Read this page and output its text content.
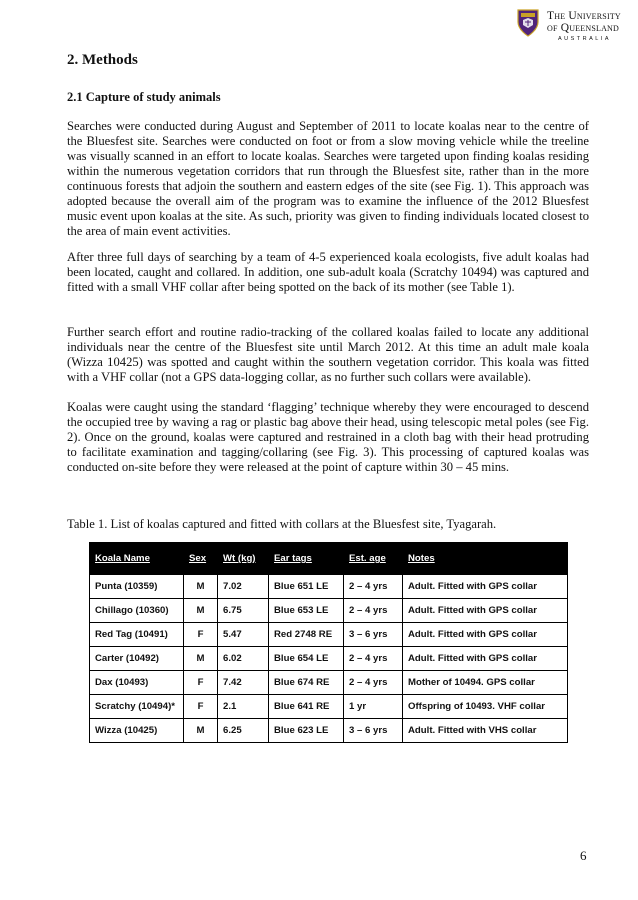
The University
of Queensland
AUSTRALIA
2. Methods
2.1 Capture of study animals

Searches were conducted during August and September of 2011 to locate koalas near to the centre of the Bluesfest site. Searches were conducted on foot or from a slow moving vehicle while the treeline was visually scanned in an effort to locate koalas. Searches were targeted upon finding koalas residing within the numerous vegetation corridors that run through the Bluesfest site, rather than in the more continuous forests that adjoin the southern and eastern edges of the site (see Fig. 1). This approach was adopted because the overall aim of the program was to examine the influence of the 2012 Bluesfest music event upon koalas at the site. As such, priority was given to finding individuals located closest to the area of main event activities.

After three full days of searching by a team of 4-5 experienced koala ecologists, five adult koalas had been located, caught and collared. In addition, one sub-adult koala (Scratchy 10494) was captured and fitted with a small VHF collar after being spotted on the back of its mother (see Table 1).

Further search effort and routine radio-tracking of the collared koalas failed to locate any additional individuals near the centre of the Bluesfest site until March 2012. At this time an adult male koala (Wizza 10425) was spotted and caught within the southern vegetation corridor. This koala was fitted with a VHF collar (not a GPS data-logging collar, as no further such collars were available).

Koalas were caught using the standard ‘flagging’ technique whereby they were encouraged to descend the occupied tree by waving a rag or plastic bag above their head, using telescopic metal poles (see Fig. 2). Once on the ground, koalas were captured and restrained in a cloth bag with their head protruding to facilitate examination and tagging/collaring (see Fig. 3). This processing of captured koalas was conducted on-site before they were released at the point of capture within 30 – 45 mins.

Table 1. List of koalas captured and fitted with collars at the Bluesfest site, Tyagarah.

Koala Name	Sex	Wt (kg)	Ear tags	Est. age	Notes
Punta (10359)	M	7.02	Blue 651 LE	2 – 4 yrs	Adult. Fitted with GPS collar
Chillago (10360)	M	6.75	Blue 653 LE	2 – 4 yrs	Adult. Fitted with GPS collar
Red Tag (10491)	F	5.47	Red 2748 RE	3 – 6 yrs	Adult. Fitted with GPS collar
Carter (10492)	M	6.02	Blue 654 LE	2 – 4 yrs	Adult. Fitted with GPS collar
Dax (10493)	F	7.42	Blue 674 RE	2 – 4 yrs	Mother of 10494. GPS collar
Scratchy (10494)*	F	2.1	Blue 641 RE	1 yr	Offspring of 10493. VHF collar
Wizza (10425)	M	6.25	Blue 623 LE	3 – 6 yrs	Adult. Fitted with VHS collar
6
